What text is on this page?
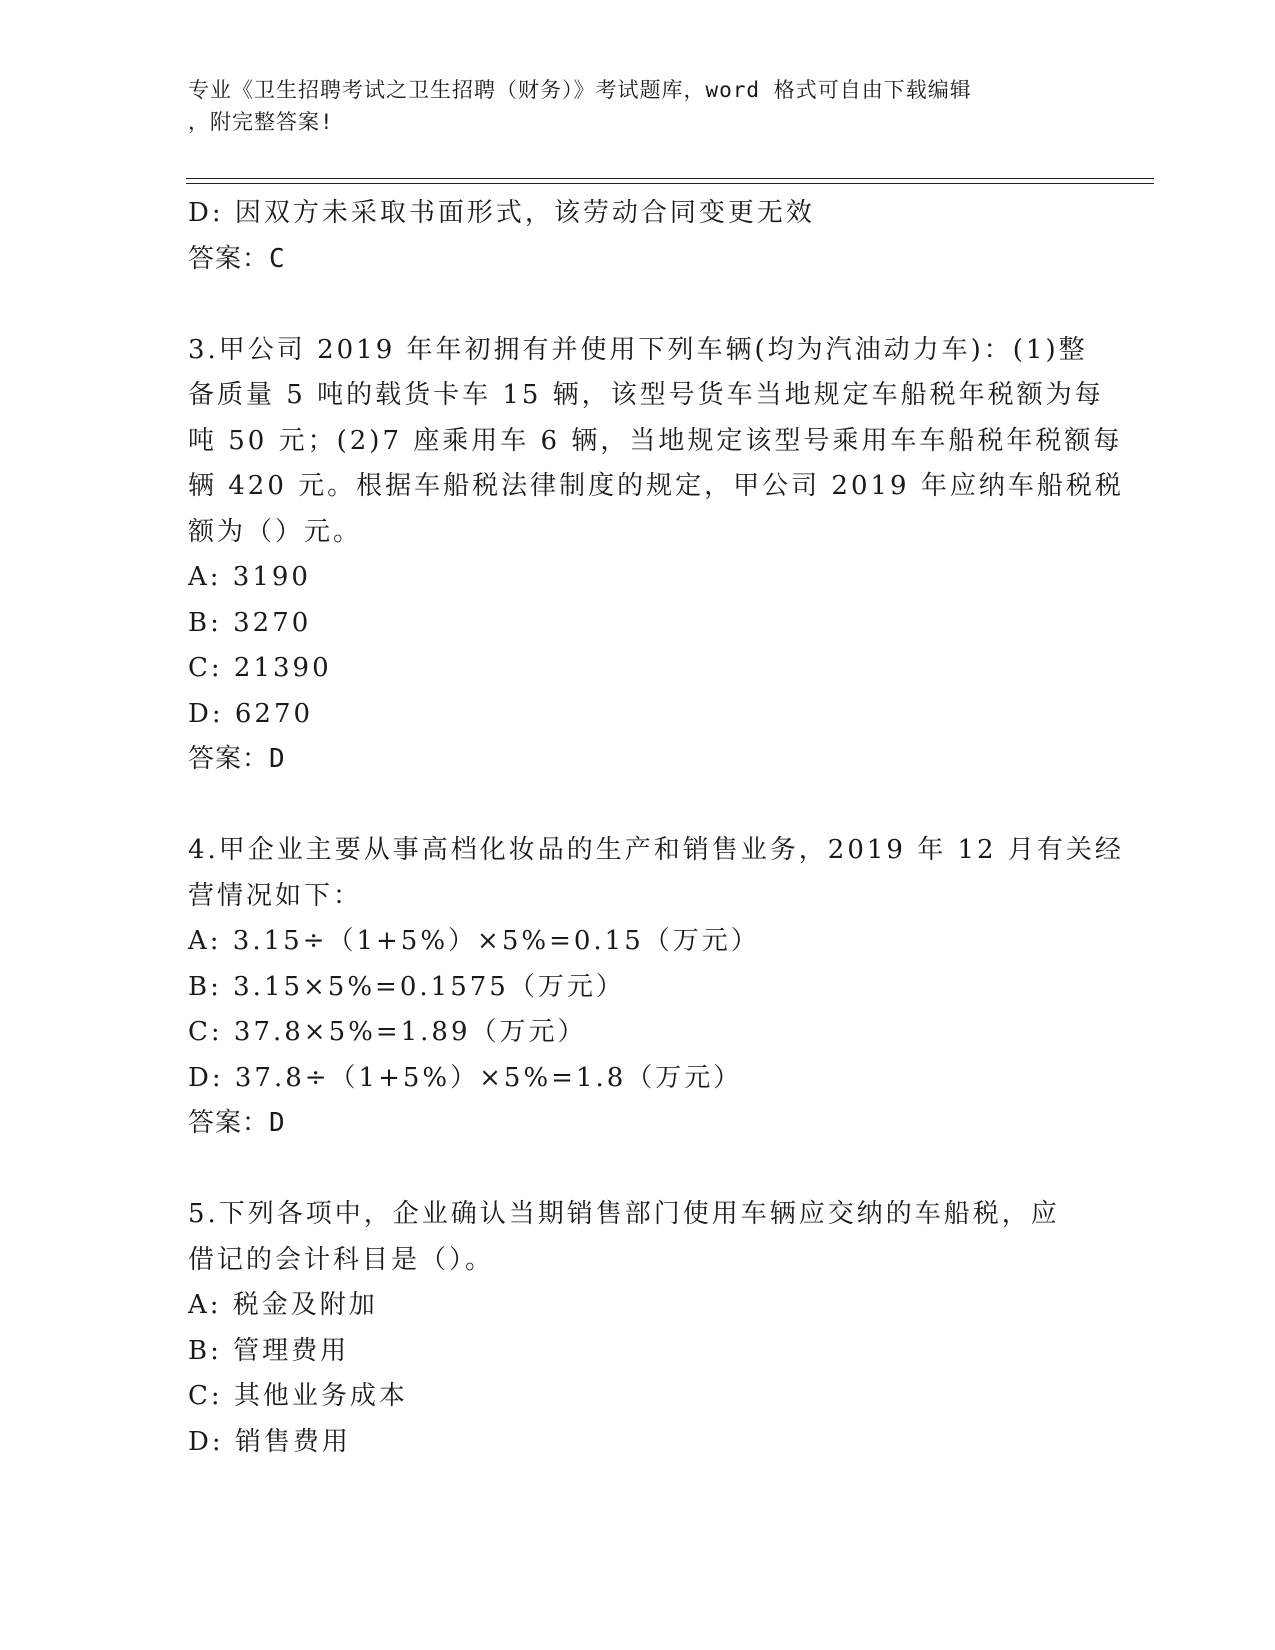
专业《卫生招聘考试之卫生招聘（财务）》考试题库，word 格式可自由下载编辑
，附完整答案!
D: 因双方未采取书面形式，该劳动合同变更无效
答案：C
3.甲公司 2019 年年初拥有并使用下列车辆(均为汽油动力车)：(1)整
备质量 5 吨的载货卡车 15 辆，该型号货车当地规定车船税年税额为每
吨 50 元；(2)7 座乘用车 6 辆，当地规定该型号乘用车车船税年税额每
辆 420 元。根据车船税法律制度的规定，甲公司 2019 年应纳车船税税
额为（）元。
A: 3190
B: 3270
C: 21390
D: 6270
答案：D
4.甲企业主要从事高档化妆品的生产和销售业务，2019 年 12 月有关经
营情况如下：
A: 3.15÷（1+5%）×5%=0.15（万元）
B: 3.15×5%=0.1575（万元）
C: 37.8×5%=1.89（万元）
D: 37.8÷（1+5%）×5%=1.8（万元）
答案：D
5.下列各项中，企业确认当期销售部门使用车辆应交纳的车船税，应
借记的会计科目是（）。
A: 税金及附加
B: 管理费用
C: 其他业务成本
D: 销售费用
